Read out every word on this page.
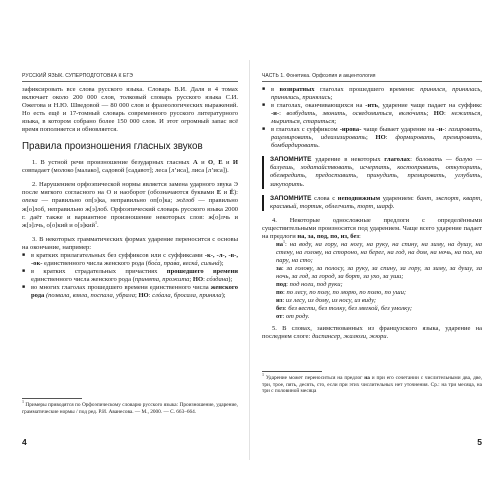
РУССКИЙ ЯЗЫК. СУПЕРПОДГОТОВКА К ЕГЭ

зафиксировать все слова русского языка. Словарь В.И. Даля в 4 томах включает около 200 000 слов, толковый словарь русского языка С.И. Ожегова и Н.Ю. Шведовой — 80 000 слов и фразеологических выражений. Но есть ещё и 17-томный словарь современного русского литературного языка, в котором собрано более 150 000 слов. И этот огромный запас всё время пополняется и обновляется.

Правила произношения гласных звуков

1. В устной речи произношение безударных гласных А и О, Е и И совпадает (молоко [малако], садовой [садавот]; леса [л’иса], лиса [л’иса]).

2. Нарушением орфоэпической нормы является замена ударного звука Э после мягкого согласного на О и наоборот (обозначаются буквами Е и Ё): опека — правильно оп[э]ка, неправильно оп[о]ка; жёлоб — правильно ж[о]лоб, неправильно ж[э]лоб. Орфоэпический словарь русского языка 2000 г. даёт также и вариантное произношение некоторых слов: ж[о]лчь и ж[э]лчь, о[о]кий и о[э]кий$^1$.

3. В некоторых грамматических формах ударение переносится с основы на окончание, например:

■ в кратких прилагательных без суффиксов или с суффиксами -к-, -л-, -в-, -ок- единственного числа женского рода (бос́а, прав́а, вескá, сильнá);
■ в кратких страдательных причастиях прошедшего времени единственного числа женского рода (принята, прожита; НО: сóздана);
■ во многих глаголах прошедшего времени единственного числа женского рода (позвала, взяла, поспала, убрала; НО: слóала, бросала, приняла);
$^1$ Примеры приводятся по Орфоэпическому словарю русского языка: Произношение, ударение, грамматические нормы / под ред. Р.И. Аванесова. — М., 2000. — С. 663–664.
4
ЧАСТЬ 1. Фонетика. Орфоэпия и акцентология
■ в возвратных глаголах прошедшего времени: принялся, принялась, принялись, принялись;
■ в глаголах, оканчивающихся на -ить, ударение чаще падает на суффикс -и-: возбудить, звонить, осведомиться, вклю́чить; НО: нежиться, мыриться, стариться;
■ в глаголах с суффиксом -ирова- чаще бывает ударение на -и-: газировать, рацемировать, идеализировать; НО: формировать, премировать, бомбардировать.
ЗАПОМНИТЕ ударение в некоторых глаголах: баловать — балую — балуешь, ходатайствовать, исчерпать, костоправить, откупорить, обезвредить, предоставить, принудить, премировать, углубить, закупорить.
ЗАПОМНИТЕ слова с неподвижным ударением: бант, экспорт, кварт, красивый, тортик, облегчить, торт, шарф.

4. Некоторые односложные предлоги с определёнными существительными произносятся под ударением. Чаще всего ударение падает на предлоги на, за, под, по, из, без:

$на^1$: на воду, на гору, на ногу, на руку, на спину, на зиму, на душу, на стену, на голову, на стороно, на берег, на год, на дом, на ночь, на пол, на пару, на сто;

за: за голову, за полосу, за руку, за спину, за гору, за зиму, за душу, за ночь, за год, за город, за борт, за ухо, за уши;

под: под ноги, под руки;

по: по лесу, по полу, по морю, по полю, по уши;

из: из лесу, из дому, из носу, из виду;

без: без вести, без толку, без мягкой, без умолку;

от: от роду.

5. В словах, заимствованных из французского языка, ударение на последнем слоге: диспансер, жалюзи, жюри.

$^1$ Ударение может переноситься на предлог на и при его сочетании с числительными два, две, три, трое, пять, десять, сто, если при этих числительных нет уточнения. Ср.: на три месяца, на три с половиной месяца
5
